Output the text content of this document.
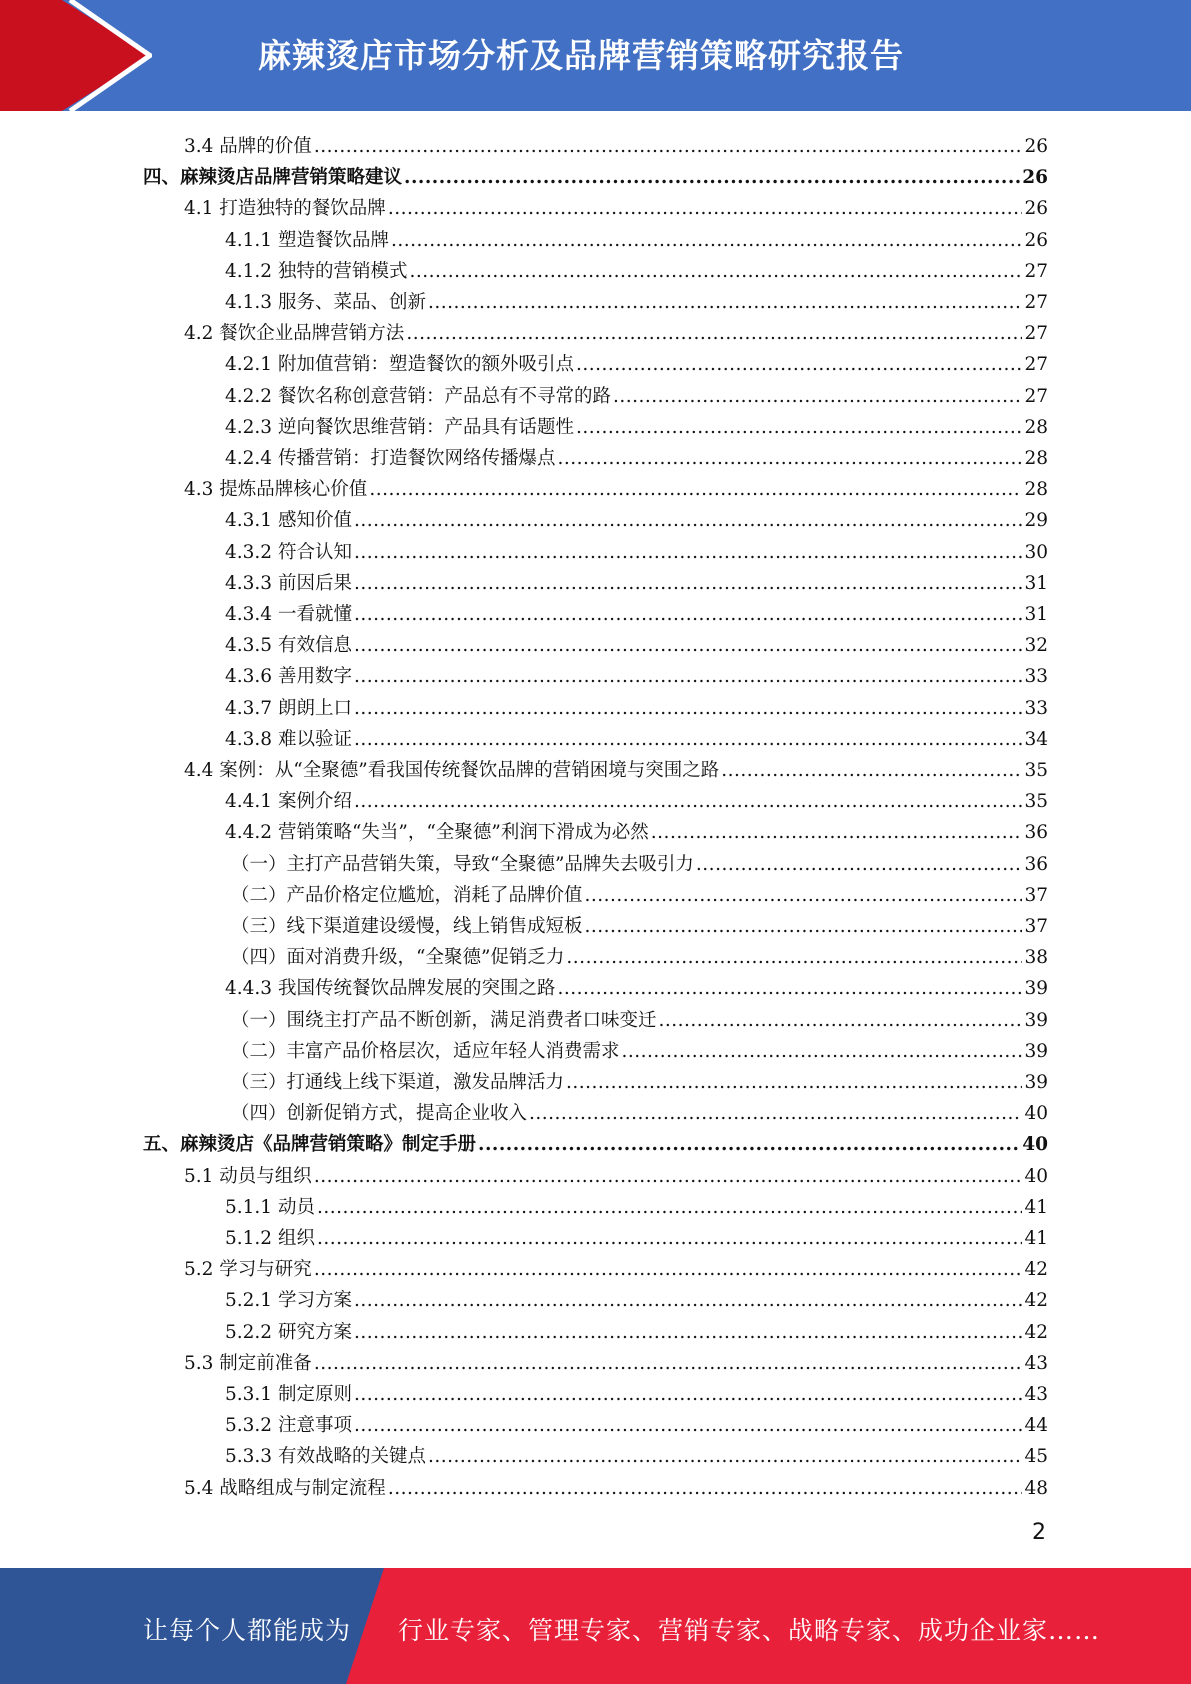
麻辣烫店市场分析及品牌营销策略研究报告
3.4 品牌的价值 .....	26
四、麻辣烫店品牌营销策略建议 .....	26
4.1 打造独特的餐饮品牌 .....	26
4.1.1 塑造餐饮品牌 .....	26
4.1.2 独特的营销模式 .....	27
4.1.3 服务、菜品、创新 .....	27
4.2 餐饮企业品牌营销方法 .....	27
4.2.1 附加值营销：塑造餐饮的额外吸引点 .....	27
4.2.2 餐饮名称创意营销：产品总有不寻常的路 .....	27
4.2.3 逆向餐饮思维营销：产品具有话题性 .....	28
4.2.4 传播营销：打造餐饮网络传播爆点 .....	28
4.3 提炼品牌核心价值 .....	28
4.3.1 感知价值 .....	29
4.3.2 符合认知 .....	30
4.3.3 前因后果 .....	31
4.3.4 一看就懂 .....	31
4.3.5 有效信息 .....	32
4.3.6 善用数字 .....	33
4.3.7 朗朗上口 .....	33
4.3.8 难以验证 .....	34
4.4 案例：从“全聚德”看我国传统餐饮品牌的营销困境与突围之路 .....	35
4.4.1 案例介绍 .....	35
4.4.2 营销策略“失当”，“全聚德”利润下滑成为必然 .....	36
（一）主打产品营销失策，导致“全聚德”品牌失去吸引力 .....	36
（二）产品价格定位尴尬，消耗了品牌价值 .....	37
（三）线下渠道建设缓慢，线上销售成短板 .....	37
（四）面对消费升级，“全聚德”促销乏力 .....	38
4.4.3 我国传统餐饮品牌发展的突围之路 .....	39
（一）围绕主打产品不断创新，满足消费者口味变迁 .....	39
（二）丰富产品价格层次，适应年轻人消费需求 .....	39
（三）打通线上线下渠道，激发品牌活力 .....	39
（四）创新促销方式，提高企业收入 .....	40
五、麻辣烫店《品牌营销策略》制定手册 .....	40
5.1 动员与组织 .....	40
5.1.1 动员 .....	41
5.1.2 组织 .....	41
5.2 学习与研究 .....	42
5.2.1 学习方案 .....	42
5.2.2 研究方案 .....	42
5.3 制定前准备 .....	43
5.3.1 制定原则 .....	43
5.3.2 注意事项 .....	44
5.3.3 有效战略的关键点 .....	45
5.4 战略组成与制定流程 .....	48
2
让每个人都能成为 行业专家、管理专家、营销专家、战略专家、成功企业家……
